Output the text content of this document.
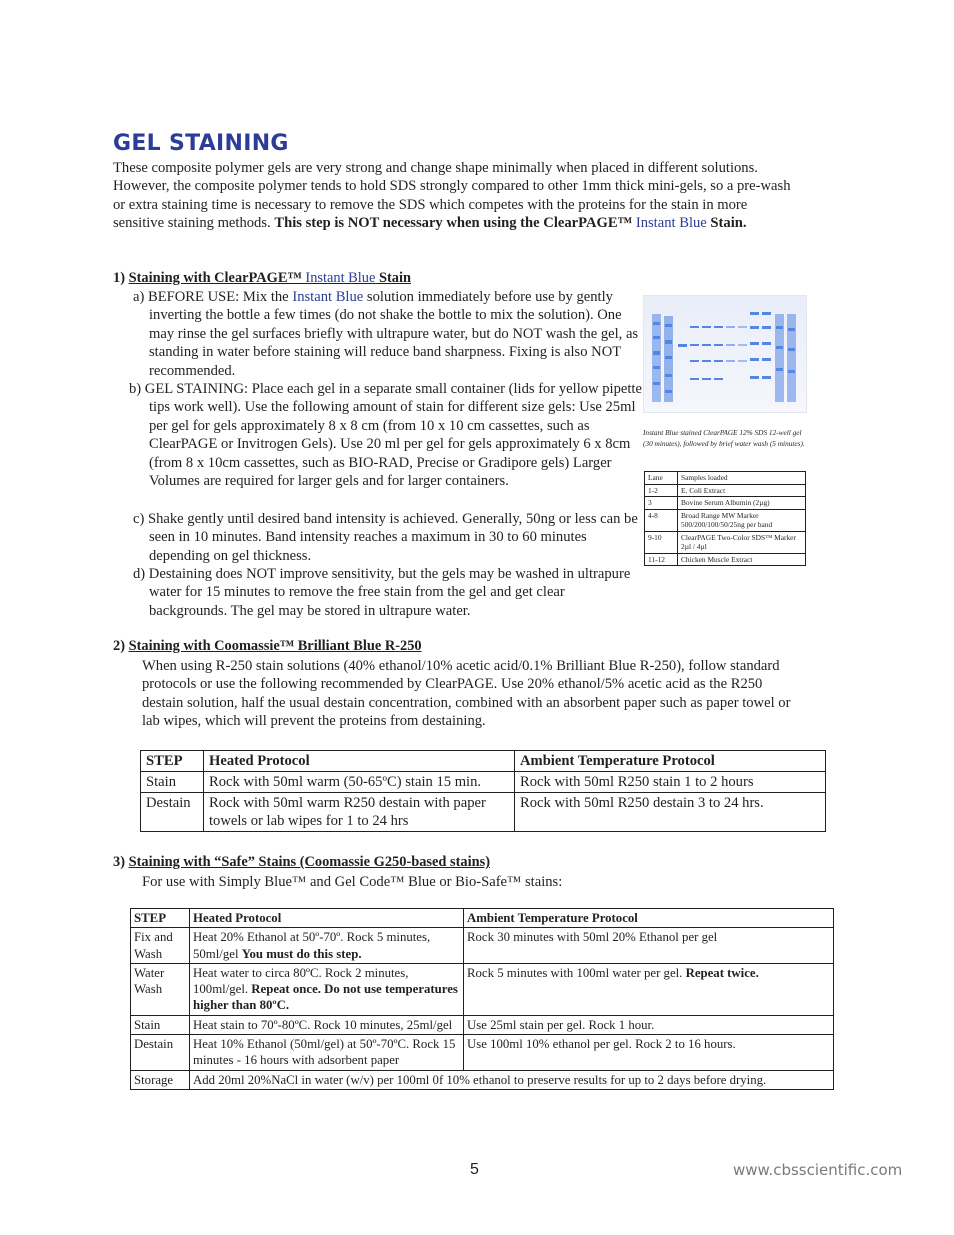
GEL STAINING
These composite polymer gels are very strong and change shape minimally when placed in different solutions. However, the composite polymer tends to hold SDS strongly compared to other 1mm thick mini-gels, so a pre-wash or extra staining time is necessary to remove the SDS which competes with the proteins for the stain in more sensitive staining methods. This step is NOT necessary when using the ClearPAGE™ Instant Blue Stain.
1) Staining with ClearPAGE™ Instant Blue Stain
a) BEFORE USE: Mix the Instant Blue solution immediately before use by gently inverting the bottle a few times (do not shake the bottle to mix the solution). One may rinse the gel surfaces briefly with ultrapure water, but do NOT wash the gel, as standing in water before staining will reduce band sharpness. Fixing is also NOT recommended.
b) GEL STAINING: Place each gel in a separate small container (lids for yellow pipette tips work well). Use the following amount of stain for different size gels: Use 25ml per gel for gels approximately 8 x 8 cm (from 10 x 10 cm cassettes, such as ClearPAGE or Invitrogen Gels). Use 20 ml per gel for gels approximately 6 x 8cm (from 8 x 10cm cassettes, such as BIO-RAD, Precise or Gradipore gels) Larger Volumes are required for larger gels and for larger containers.
c) Shake gently until desired band intensity is achieved. Generally, 50ng or less can be seen in 10 minutes. Band intensity reaches a maximum in 30 to 60 minutes depending on gel thickness.
d) Destaining does NOT improve sensitivity, but the gels may be washed in ultrapure water for 15 minutes to remove the free stain from the gel and get clear backgrounds. The gel may be stored in ultrapure water.
Instant Blue stained ClearPAGE 12% SDS 12-well gel (30 minutes), followed by brief water wash (5 minutes).
Lane	Samples loaded
1-2	E. Coli Extract
3	Bovine Serum Albumin (2µg)
4-8	Broad Range MW Marker 500/200/100/50/25ng per band
9-10	ClearPAGE Two-Color SDS™ Marker 2µl / 4µl
11-12	Chicken Muscle Extract
2) Staining with Coomassie™ Brilliant Blue R-250
When using R-250 stain solutions (40% ethanol/10% acetic acid/0.1% Brilliant Blue R-250), follow standard protocols or use the following recommended by ClearPAGE. Use 20% ethanol/5% acetic acid as the R250 destain solution, half the usual destain concentration, combined with an absorbent paper such as paper towel or lab wipes, which will prevent the proteins from destaining.
STEP	Heated Protocol	Ambient Temperature Protocol
Stain	Rock with 50ml warm (50-65ºC) stain 15 min.	Rock with 50ml R250 stain 1 to 2 hours
Destain	Rock with 50ml warm R250 destain with paper towels or lab wipes for 1 to 24 hrs	Rock with 50ml R250 destain 3 to 24 hrs.
3) Staining with “Safe” Stains (Coomassie G250-based stains)
For use with Simply Blue™ and Gel Code™ Blue or Bio-Safe™ stains:
STEP	Heated Protocol	Ambient Temperature Protocol
Fix and Wash	Heat 20% Ethanol at 50º-70º. Rock 5 minutes, 50ml/gel You must do this step.	Rock 30 minutes with 50ml 20% Ethanol per gel
Water Wash	Heat water to circa 80ºC. Rock 2 minutes, 100ml/gel. Repeat once. Do not use temperatures higher than 80ºC.	Rock 5 minutes with 100ml water per gel. Repeat twice.
Stain	Heat stain to 70º-80ºC. Rock 10 minutes, 25ml/gel	Use 25ml stain per gel. Rock 1 hour.
Destain	Heat 10% Ethanol (50ml/gel) at 50º-70ºC. Rock 15 minutes - 16 hours with adsorbent paper	Use 100ml 10% ethanol per gel. Rock 2 to 16 hours.
Storage	Add 20ml 20%NaCl in water (w/v) per 100ml 0f 10% ethanol to preserve results for up to 2 days before drying.	
5	www.cbsscientific.com
